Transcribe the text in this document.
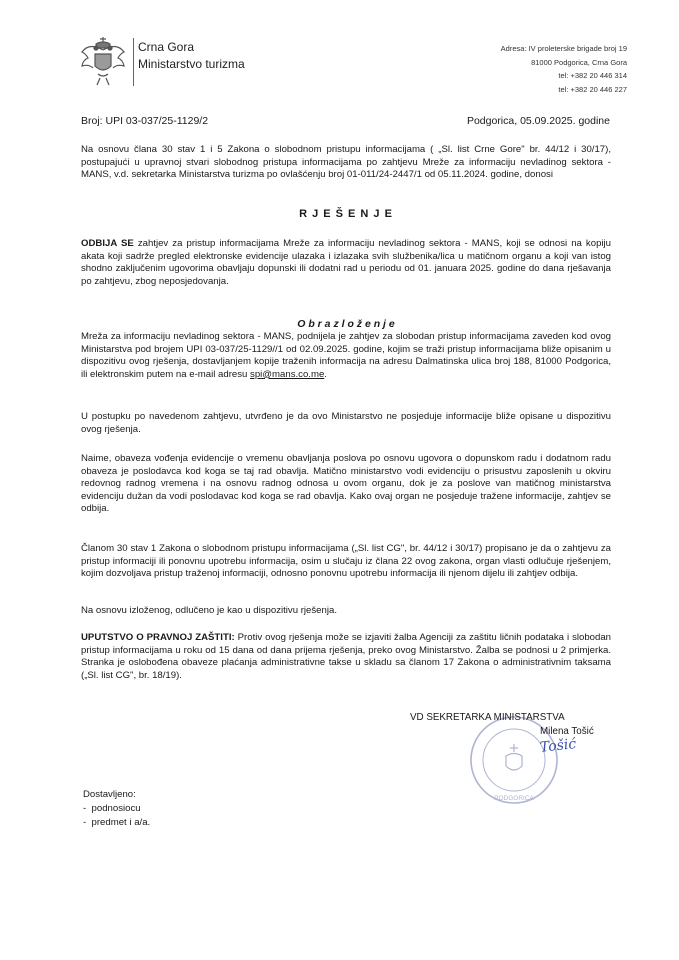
Crna Gora
Ministarstvo turizma
Adresa: IV proleterske brigade broj 19
81000 Podgorica, Crna Gora
tel: +382 20 446 314
tel: +382 20 446 227
Broj: UPI 03-037/25-1129/2	Podgorica, 05.09.2025. godine

Na osnovu člana 30 stav 1 i 5 Zakona o slobodnom pristupu informacijama ( „Sl. list Crne Gore" br. 44/12 i 30/17), postupajući u upravnoj stvari slobodnog pristupa informacijama po zahtjevu Mreže za informaciju nevladinog sektora - MANS, v.d. sekretarka Ministarstva turizma po ovlašćenju broj 01-011/24-2447/1 od 05.11.2024. godine, donosi

R J E Š E N J E

ODBIJA SE zahtjev za pristup informacijama Mreže za informaciju nevladinog sektora - MANS, koji se odnosi na kopiju akata koji sadrže pregled elektronske evidencije ulazaka i izlazaka svih službenika/lica u matičnom organu a koji van istog shodno zaključenim ugovorima obavljaju dopunski ili dodatni rad u periodu od 01. januara 2025. godine do dana rješavanja po zahtjevu, zbog neposjedovanja.

O b r a z l o ž e n j e

Mreža za informaciju nevladinog sektora - MANS, podnijela je zahtjev za slobodan pristup informacijama zaveden kod ovog Ministarstva pod brojem UPI 03-037/25-1129//1 od 02.09.2025. godine, kojim se traži pristup informacijama bliže opisanim u dispozitivu ovog rješenja, dostavljanjem kopije traženih informacija na adresu Dalmatinska ulica broj 188, 81000 Podgorica, ili elektronskim putem na e-mail adresu spi@mans.co.me.

U postupku po navedenom zahtjevu, utvrđeno je da ovo Ministarstvo ne posjeduje informacije bliže opisane u dispozitivu ovog rješenja.

Naime, obaveza vođenja evidencije o vremenu obavljanja poslova po osnovu ugovora o dopunskom radu i dodatnom radu obaveza je poslodavca kod koga se taj rad obavlja. Matično ministarstvo vodi evidenciju o prisustvu zaposlenih u okviru redovnog radnog vremena i na osnovu radnog odnosa u ovom organu, dok je za poslove van matičnog ministarstva evidenciju dužan da vodi poslodavac kod koga se rad obavlja. Kako ovaj organ ne posjeduje tražene informacije, zahtjev se odbija.

Članom 30 stav 1 Zakona o slobodnom pristupu informacijama („Sl. list CG", br. 44/12 i 30/17) propisano je da o zahtjevu za pristup informaciji ili ponovnu upotrebu informacija, osim u slučaju iz člana 22 ovog zakona, organ vlasti odlučuje rješenjem, kojim dozvoljava pristup traženoj informaciji, odnosno ponovnu upotrebu informacija ili njenom dijelu ili zahtjev odbija.

Na osnovu izloženog, odlučeno je kao u dispozitivu rješenja.

UPUTSTVO O PRAVNOJ ZAŠTITI: Protiv ovog rješenja može se izjaviti žalba Agenciji za zaštitu ličnih podataka i slobodan pristup informacijama u roku od 15 dana od dana prijema rješenja, preko ovog Ministarstvo. Žalba se podnosi u 2 primjerka. Stranka je oslobođena obaveze plaćanja administrativne takse u skladu sa članom 17 Zakona o administrativnim taksama („Sl. list CG", br. 18/19).

PODGORICA
VD SEKRETARKA MINISTARSTVA
Milena Tošić
Tošić
Dostavljeno:
-  podnosiocu
-  predmet i a/a.
